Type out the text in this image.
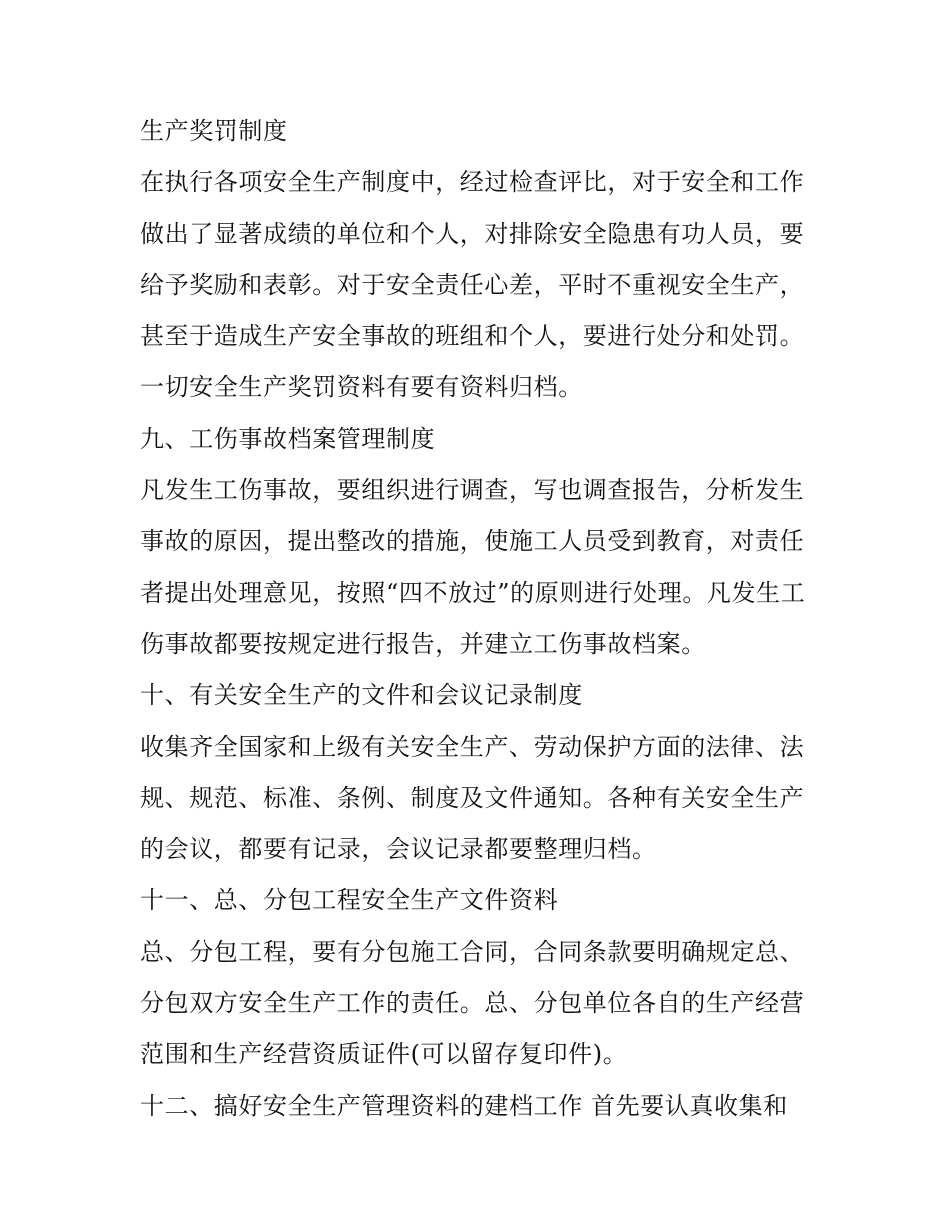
生产奖罚制度
在执行各项安全生产制度中，经过检查评比，对于安全和工作
做出了显著成绩的单位和个人，对排除安全隐患有功人员，要
给予奖励和表彰。对于安全责任心差，平时不重视安全生产，
甚至于造成生产安全事故的班组和个人，要进行处分和处罚。
一切安全生产奖罚资料有要有资料归档。
九、工伤事故档案管理制度
凡发生工伤事故，要组织进行调查，写也调查报告，分析发生
事故的原因，提出整改的措施，使施工人员受到教育，对责任
者提出处理意见，按照“四不放过”的原则进行处理。凡发生工
伤事故都要按规定进行报告，并建立工伤事故档案。
十、有关安全生产的文件和会议记录制度
收集齐全国家和上级有关安全生产、劳动保护方面的法律、法
规、规范、标准、条例、制度及文件通知。各种有关安全生产
的会议，都要有记录，会议记录都要整理归档。
十一、总、分包工程安全生产文件资料
总、分包工程，要有分包施工合同，合同条款要明确规定总、
分包双方安全生产工作的责任。总、分包单位各自的生产经营
范围和生产经营资质证件(可以留存复印件)。
十二、搞好安全生产管理资料的建档工作 首先要认真收集和
